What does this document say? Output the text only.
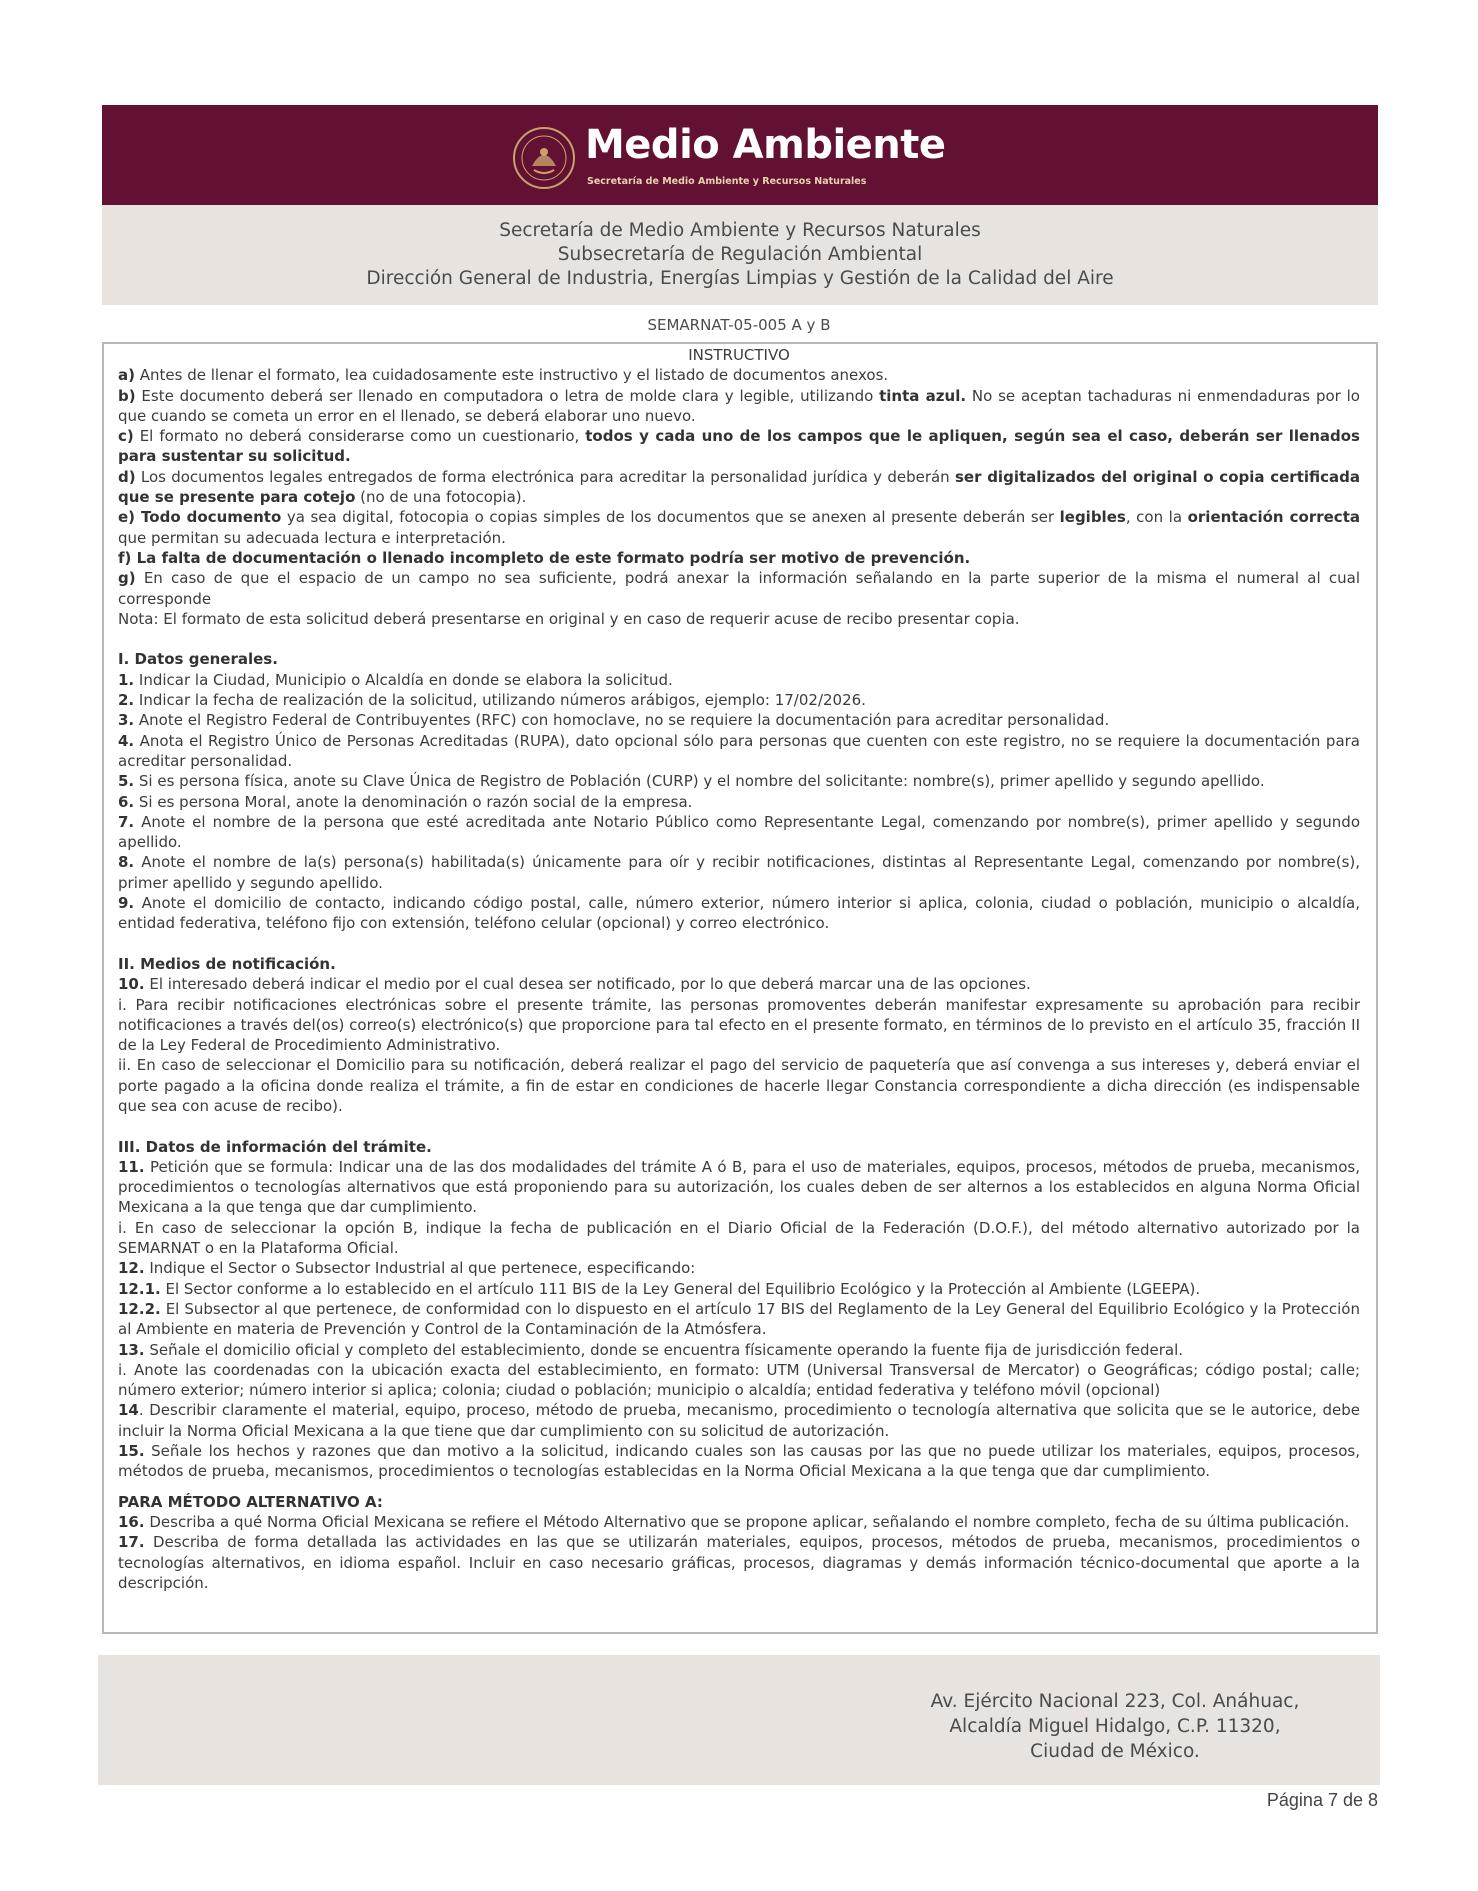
Medio Ambiente
Secretaría de Medio Ambiente y Recursos Naturales
Secretaría de Medio Ambiente y Recursos Naturales
Subsecretaría de Regulación Ambiental
Dirección General de Industria, Energías Limpias y Gestión de la Calidad del Aire
SEMARNAT-05-005 A y B

INSTRUCTIVO

a) Antes de llenar el formato, lea cuidadosamente este instructivo y el listado de documentos anexos.

b) Este documento deberá ser llenado en computadora o letra de molde clara y legible, utilizando tinta azul. No se aceptan tachaduras ni enmendaduras por lo que cuando se cometa un error en el llenado, se deberá elaborar uno nuevo.

c) El formato no deberá considerarse como un cuestionario, todos y cada uno de los campos que le apliquen, según sea el caso, deberán ser llenados para sustentar su solicitud.

d) Los documentos legales entregados de forma electrónica para acreditar la personalidad jurídica y deberán ser digitalizados del original o copia certificada que se presente para cotejo (no de una fotocopia).

e) Todo documento ya sea digital, fotocopia o copias simples de los documentos que se anexen al presente deberán ser legibles, con la orientación correcta que permitan su adecuada lectura e interpretación.

f) La falta de documentación o llenado incompleto de este formato podría ser motivo de prevención.

g) En caso de que el espacio de un campo no sea suficiente, podrá anexar la información señalando en la parte superior de la misma el numeral al cual corresponde

Nota: El formato de esta solicitud deberá presentarse en original y en caso de requerir acuse de recibo presentar copia.

I. Datos generales.

1. Indicar la Ciudad, Municipio o Alcaldía en donde se elabora la solicitud.

2. Indicar la fecha de realización de la solicitud, utilizando números arábigos, ejemplo: 17/02/2026.

3. Anote el Registro Federal de Contribuyentes (RFC) con homoclave, no se requiere la documentación para acreditar personalidad.

4. Anota el Registro Único de Personas Acreditadas (RUPA), dato opcional sólo para personas que cuenten con este registro, no se requiere la documentación para acreditar personalidad.

5. Si es persona física, anote su Clave Única de Registro de Población (CURP) y el nombre del solicitante: nombre(s), primer apellido y segundo apellido.

6. Si es persona Moral, anote la denominación o razón social de la empresa.

7. Anote el nombre de la persona que esté acreditada ante Notario Público como Representante Legal, comenzando por nombre(s), primer apellido y segundo apellido.

8. Anote el nombre de la(s) persona(s) habilitada(s) únicamente para oír y recibir notificaciones, distintas al Representante Legal, comenzando por nombre(s), primer apellido y segundo apellido.

9. Anote el domicilio de contacto, indicando código postal, calle, número exterior, número interior si aplica, colonia, ciudad o población, municipio o alcaldía, entidad federativa, teléfono fijo con extensión, teléfono celular (opcional) y correo electrónico.

II. Medios de notificación.

10. El interesado deberá indicar el medio por el cual desea ser notificado, por lo que deberá marcar una de las opciones.

i. Para recibir notificaciones electrónicas sobre el presente trámite, las personas promoventes deberán manifestar expresamente su aprobación para recibir notificaciones a través del(os) correo(s) electrónico(s) que proporcione para tal efecto en el presente formato, en términos de lo previsto en el artículo 35, fracción II de la Ley Federal de Procedimiento Administrativo.

ii. En caso de seleccionar el Domicilio para su notificación, deberá realizar el pago del servicio de paquetería que así convenga a sus intereses y, deberá enviar el porte pagado a la oficina donde realiza el trámite, a fin de estar en condiciones de hacerle llegar Constancia correspondiente a dicha dirección (es indispensable que sea con acuse de recibo).

III. Datos de información del trámite.

11. Petición que se formula: Indicar una de las dos modalidades del trámite A ó B, para el uso de materiales, equipos, procesos, métodos de prueba, mecanismos, procedimientos o tecnologías alternativos que está proponiendo para su autorización, los cuales deben de ser alternos a los establecidos en alguna Norma Oficial Mexicana a la que tenga que dar cumplimiento.

i. En caso de seleccionar la opción B, indique la fecha de publicación en el Diario Oficial de la Federación (D.O.F.), del método alternativo autorizado por la SEMARNAT o en la Plataforma Oficial.

12. Indique el Sector o Subsector Industrial al que pertenece, especificando:

12.1. El Sector conforme a lo establecido en el artículo 111 BIS de la Ley General del Equilibrio Ecológico y la Protección al Ambiente (LGEEPA).

12.2. El Subsector al que pertenece, de conformidad con lo dispuesto en el artículo 17 BIS del Reglamento de la Ley General del Equilibrio Ecológico y la Protección al Ambiente en materia de Prevención y Control de la Contaminación de la Atmósfera.

13. Señale el domicilio oficial y completo del establecimiento, donde se encuentra físicamente operando la fuente fija de jurisdicción federal.

i. Anote las coordenadas con la ubicación exacta del establecimiento, en formato: UTM (Universal Transversal de Mercator) o Geográficas; código postal; calle; número exterior; número interior si aplica; colonia; ciudad o población; municipio o alcaldía; entidad federativa y teléfono móvil (opcional)

14. Describir claramente el material, equipo, proceso, método de prueba, mecanismo, procedimiento o tecnología alternativa que solicita que se le autorice, debe incluir la Norma Oficial Mexicana a la que tiene que dar cumplimiento con su solicitud de autorización.

15. Señale los hechos y razones que dan motivo a la solicitud, indicando cuales son las causas por las que no puede utilizar los materiales, equipos, procesos, métodos de prueba, mecanismos, procedimientos o tecnologías establecidas en la Norma Oficial Mexicana a la que tenga que dar cumplimiento.

PARA MÉTODO ALTERNATIVO A:

16. Describa a qué Norma Oficial Mexicana se refiere el Método Alternativo que se propone aplicar, señalando el nombre completo, fecha de su última publicación.

17. Describa de forma detallada las actividades en las que se utilizarán materiales, equipos, procesos, métodos de prueba, mecanismos, procedimientos o tecnologías alternativos, en idioma español. Incluir en caso necesario gráficas, procesos, diagramas y demás información técnico-documental que aporte a la descripción.

Av. Ejército Nacional 223, Col. Anáhuac,
Alcaldía Miguel Hidalgo, C.P. 11320,
Ciudad de México.
Página 7 de 8
